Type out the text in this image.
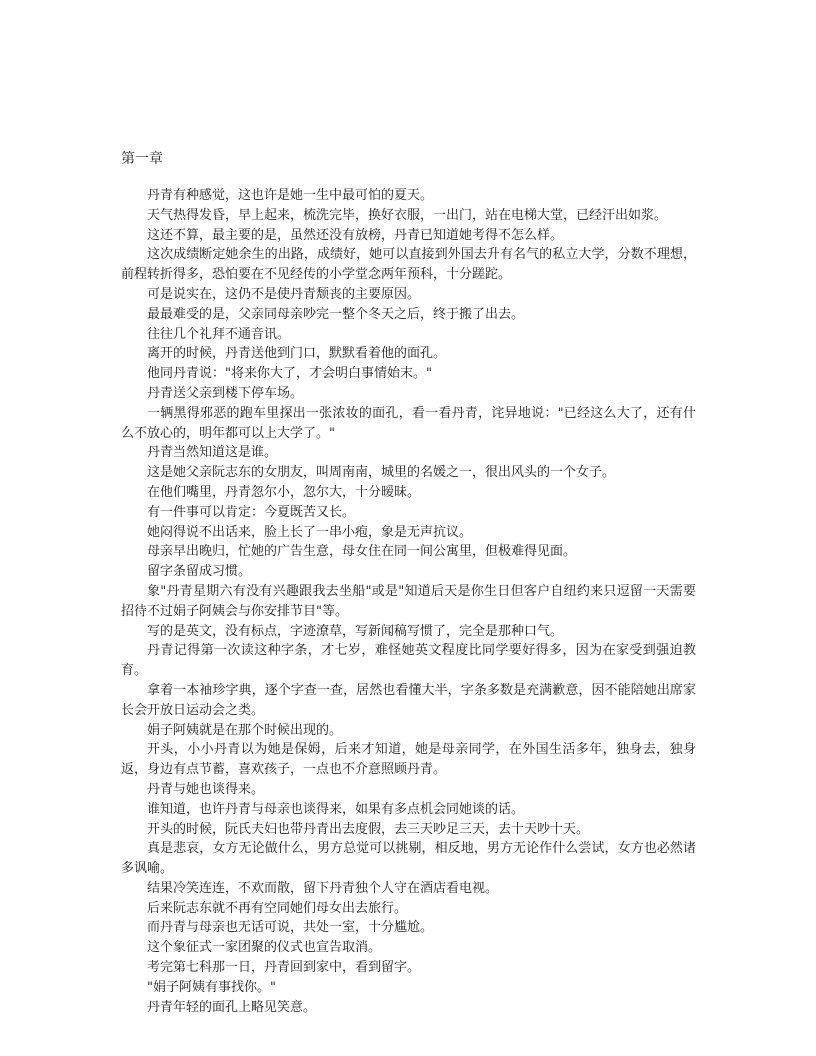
第一章

丹青有种感觉，这也许是她一生中最可怕的夏天。

天气热得发昏，早上起来，梳洗完毕，换好衣服，一出门，站在电梯大堂，已经汗出如浆。

这还不算，最主要的是，虽然还没有放榜，丹青已知道她考得不怎么样。

这次成绩断定她余生的出路，成绩好，她可以直接到外国去升有名气的私立大学，分数不理想，前程转折得多，恐怕要在不见经传的小学堂念两年预科，十分蹉跎。

可是说实在，这仍不是使丹青颓丧的主要原因。

最最难受的是，父亲同母亲吵完一整个冬天之后，终于搬了出去。

往往几个礼拜不通音讯。

离开的时候，丹青送他到门口，默默看着他的面孔。

他同丹青说："将来你大了，才会明白事情始末。"

丹青送父亲到楼下停车场。

一辆黑得邪恶的跑车里探出一张浓妆的面孔，看一看丹青，诧异地说："已经这么大了，还有什么不放心的，明年都可以上大学了。"

丹青当然知道这是谁。

这是她父亲阮志东的女朋友，叫周南南，城里的名媛之一，很出风头的一个女子。

在他们嘴里，丹青忽尔小，忽尔大，十分暧昧。

有一件事可以肯定：今夏既苦又长。

她闷得说不出话来，脸上长了一串小疱，象是无声抗议。

母亲早出晚归，忙她的广告生意，母女住在同一间公寓里，但极难得见面。

留字条留成习惯。

象"丹青星期六有没有兴趣跟我去坐船"或是"知道后天是你生日但客户自纽约来只逗留一天需要招待不过娟子阿姨会与你安排节目"等。

写的是英文，没有标点，字迹潦草，写新闻稿写惯了，完全是那种口气。

丹青记得第一次读这种字条，才七岁，难怪她英文程度比同学要好得多，因为在家受到强迫教育。

拿着一本袖珍字典，逐个字查一查，居然也看懂大半，字条多数是充满歉意，因不能陪她出席家长会开放日运动会之类。

娟子阿姨就是在那个时候出现的。

开头，小小丹青以为她是保姆，后来才知道，她是母亲同学，在外国生活多年，独身去，独身返，身边有点节蓄，喜欢孩子，一点也不介意照顾丹青。

丹青与她也谈得来。

谁知道，也许丹青与母亲也谈得来，如果有多点机会同她谈的话。

开头的时候，阮氏夫妇也带丹青出去度假，去三天吵足三天，去十天吵十天。

真是悲哀，女方无论做什么，男方总觉可以挑剔，相反地，男方无论作什么尝试，女方也必然诸多讽喻。

结果冷笑连连，不欢而散，留下丹青独个人守在酒店看电视。

后来阮志东就不再有空同她们母女出去旅行。

而丹青与母亲也无话可说，共处一室，十分尴尬。

这个象征式一家团聚的仪式也宣告取消。

考完第七科那一日，丹青回到家中，看到留字。

"娟子阿姨有事找你。"

丹青年轻的面孔上略见笑意。
